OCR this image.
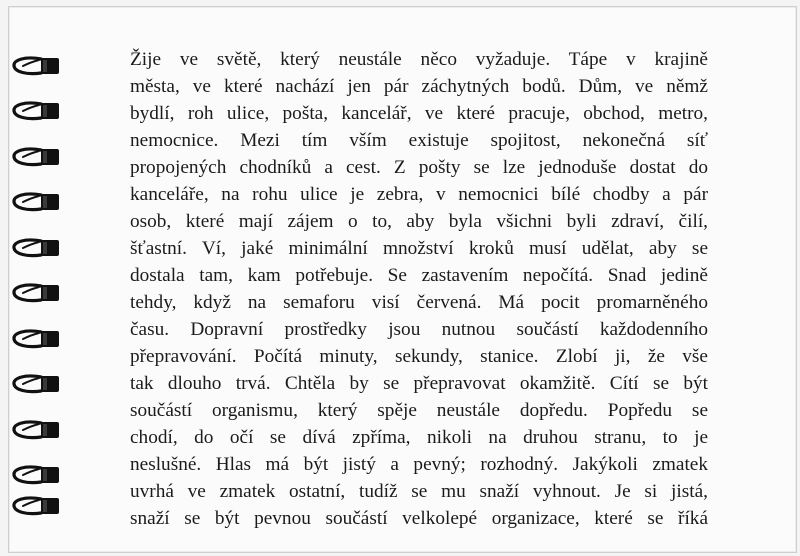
Žije ve světě, který neustále něco vyžaduje. Tápe v krajině
města, ve které nachází jen pár záchytných bodů. Dům, ve němž
bydlí, roh ulice, pošta, kancelář, ve které pracuje, obchod, metro,
nemocnice. Mezi tím vším existuje spojitost, nekonečná síť
propojených chodníků a cest. Z pošty se lze jednoduše dostat do
kanceláře, na rohu ulice je zebra, v nemocnici bílé chodby a pár
osob, které mají zájem o to, aby byla všichni byli zdraví, čilí,
šťastní. Ví, jaké minimální množství kroků musí udělat, aby se
dostala tam, kam potřebuje. Se zastavením nepočítá. Snad jedině
tehdy, když na semaforu visí červená. Má pocit promarněného
času. Dopravní prostředky jsou nutnou součástí každodenního
přepravování. Počítá minuty, sekundy, stanice. Zlobí ji, že vše
tak dlouho trvá. Chtěla by se přepravovat okamžitě. Cítí se být
součástí organismu, který spěje neustále dopředu. Popředu se
chodí, do očí se dívá zpříma, nikoli na druhou stranu, to je
neslušné. Hlas má být jistý a pevný; rozhodný. Jakýkoli zmatek
uvrhá ve zmatek ostatní, tudíž se mu snaží vyhnout. Je si jistá,
snaží se být pevnou součástí velkolepé organizace, které se říká
